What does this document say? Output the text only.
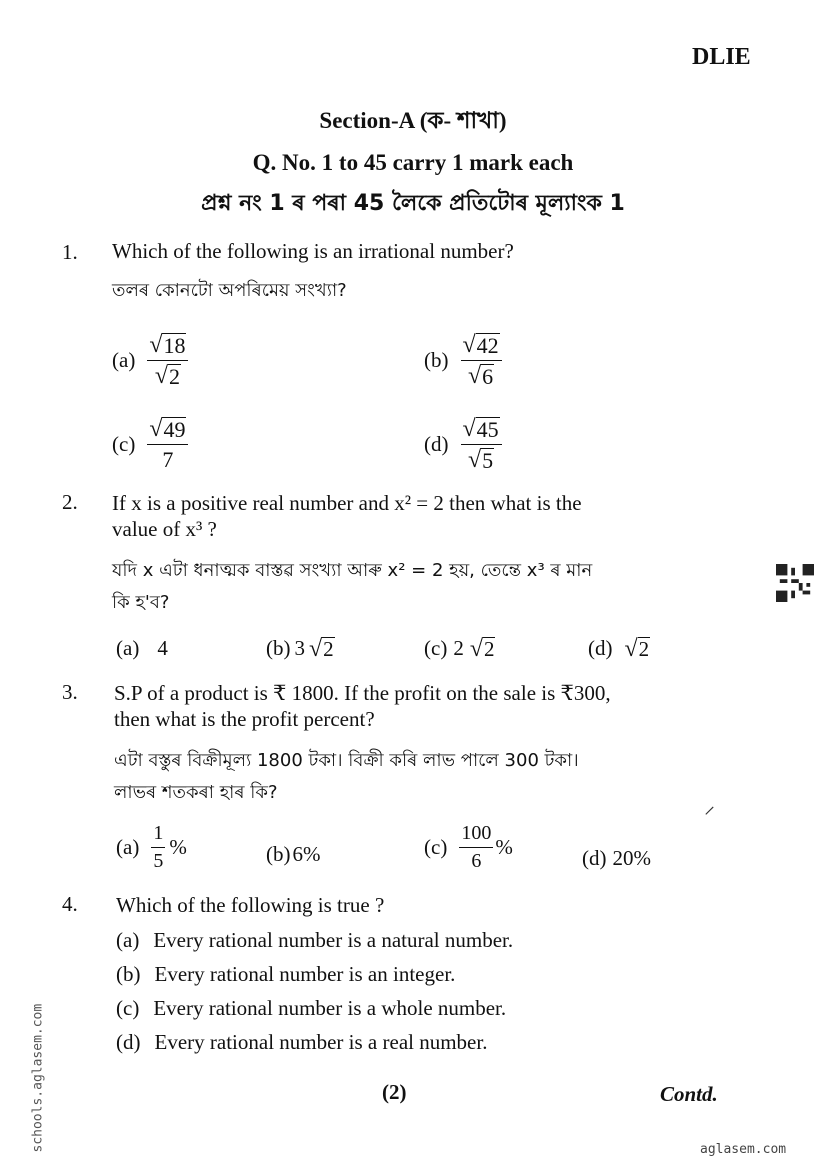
DLIE
Section-A (ক- শাখা)
Q. No. 1 to 45 carry 1 mark each
প্ৰশ্ন নং 1 ৰ পৰা 45 লৈকে প্ৰতিটোৰ মূল্যাংক 1
1. Which of the following is an irrational number?
তলৰ কোনটো অপৰিমেয় সংখ্যা?
$(a) \frac{√ 18}{√ 2}$	$(b) \frac{√ 42}{√ 6}$
$(c) \frac{√ 49}{7}$	$(d) \frac{√ 45}{√ 5}$
2. If x is a positive real number and x² = 2 then what is the
value of x³ ?
যদি x এটা ধনাত্মক বাস্তৱ সংখ্যা আৰু x² = 2 হয়, তেন্তে x³ ৰ মান
কি হ'ব?
(a) 4	(b) 3 √ 2	(c) 2 √ 2	(d) √ 2
3. S.P of a product is ₹ 1800. If the profit on the sale is ₹300,
then what is the profit percent?
এটা বস্তুৰ বিক্ৰীমূল্য 1800 টকা। বিক্ৰী কৰি লাভ পালে 300 টকা।
লাভৰ শতকৰা হাৰ কি?
⸝
$(a) \frac{1}{5}$ %	(b) 6%	$(c) \frac{100}{6}$ %	(d) 20%
4. Which of the following is true ?
(a) Every rational number is a natural number.
(b) Every rational number is an integer.
(c) Every rational number is a whole number.
(d) Every rational number is a real number.
(2)	Contd.
schools.aglasem.com	aglasem.com
